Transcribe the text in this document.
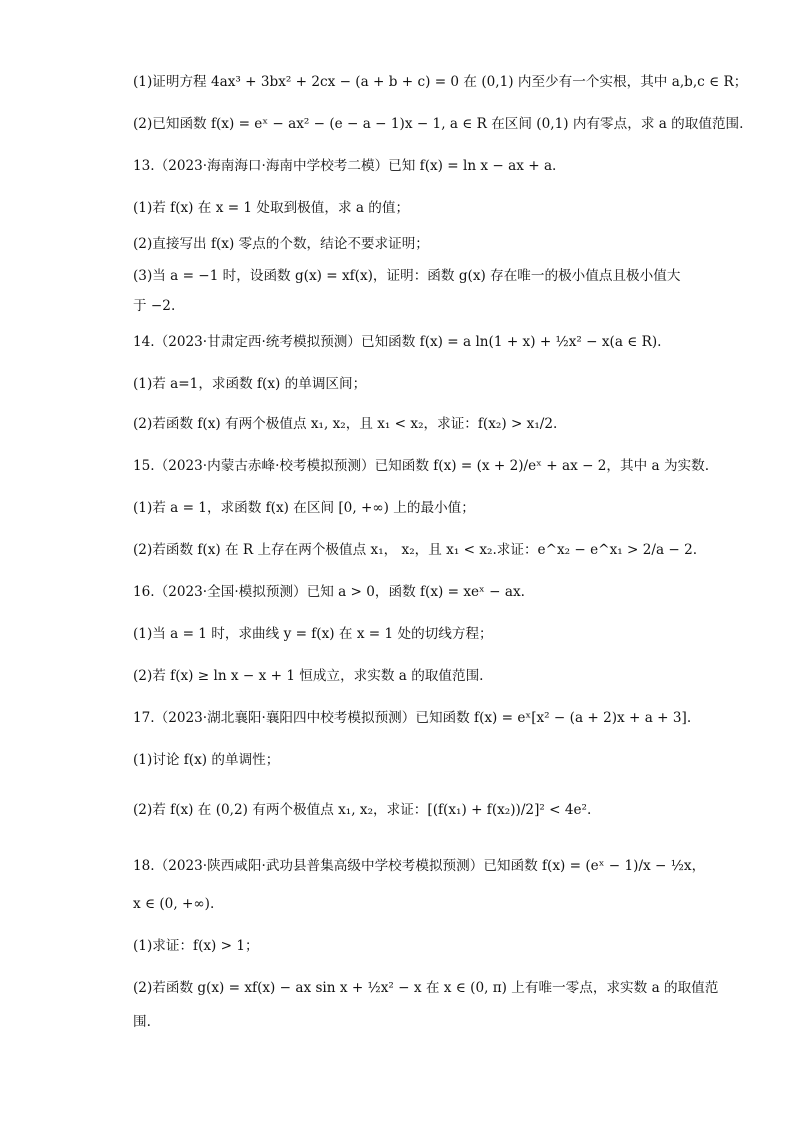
(1)证明方程 4ax³ + 3bx² + 2cx − (a + b + c) = 0 在 (0,1) 内至少有一个实根，其中 a,b,c ∈ R；
(2)已知函数 f(x) = eˣ − ax² − (e − a − 1)x − 1, a ∈ R 在区间 (0,1) 内有零点，求 a 的取值范围.
13.（2023·海南海口·海南中学校考二模）已知 f(x) = ln x − ax + a.
(1)若 f(x) 在 x = 1 处取到极值，求 a 的值；
(2)直接写出 f(x) 零点的个数，结论不要求证明；
(3)当 a = −1 时，设函数 g(x) = xf(x)，证明：函数 g(x) 存在唯一的极小值点且极小值大
于 −2.
14.（2023·甘肃定西·统考模拟预测）已知函数 f(x) = a ln(1 + x) + ½x² − x(a ∈ R).
(1)若 a=1，求函数 f(x) 的单调区间；
(2)若函数 f(x) 有两个极值点 x₁, x₂，且 x₁ < x₂，求证：f(x₂) > x₁/2.
15.（2023·内蒙古赤峰·校考模拟预测）已知函数 f(x) = (x + 2)/eˣ + ax − 2，其中 a 为实数.
(1)若 a = 1，求函数 f(x) 在区间 [0, +∞) 上的最小值；
(2)若函数 f(x) 在 R 上存在两个极值点 x₁， x₂，且 x₁ < x₂.求证：e^x₂ − e^x₁ > 2/a − 2.
16.（2023·全国·模拟预测）已知 a > 0，函数 f(x) = xeˣ − ax.
(1)当 a = 1 时，求曲线 y = f(x) 在 x = 1 处的切线方程；
(2)若 f(x) ≥ ln x − x + 1 恒成立，求实数 a 的取值范围.
17.（2023·湖北襄阳·襄阳四中校考模拟预测）已知函数 f(x) = eˣ[x² − (a + 2)x + a + 3].
(1)讨论 f(x) 的单调性；
(2)若 f(x) 在 (0,2) 有两个极值点 x₁, x₂，求证：[(f(x₁) + f(x₂))/2]² < 4e².
18.（2023·陕西咸阳·武功县普集高级中学校考模拟预测）已知函数 f(x) = (eˣ − 1)/x − ½x，
x ∈ (0, +∞).
(1)求证：f(x) > 1；
(2)若函数 g(x) = xf(x) − ax sin x + ½x² − x 在 x ∈ (0, π) 上有唯一零点，求实数 a 的取值范
围.
